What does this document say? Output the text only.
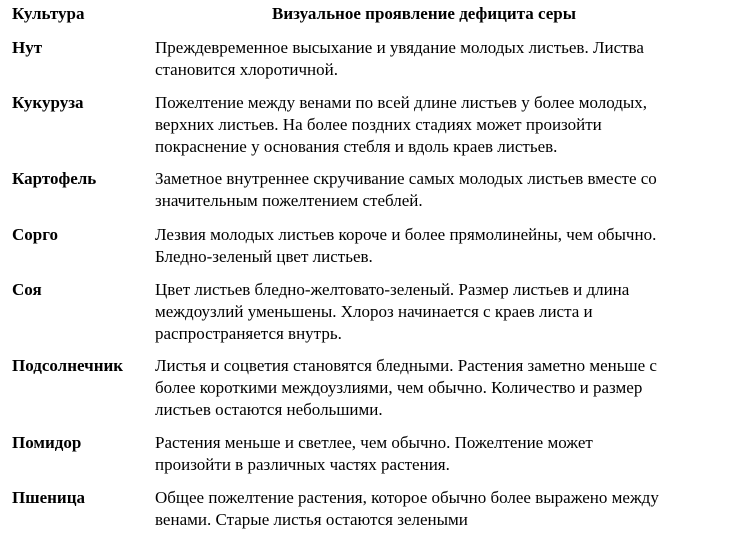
Культура	Визуальное проявление дефицита серы
Нут	Преждевременное высыхание и увядание молодых листьев. Листва
становится хлоротичной.
Кукуруза	Пожелтение между венами по всей длине листьев у более молодых,
верхних листьев. На более поздних стадиях может произойти
покраснение у основания стебля и вдоль краев листьев.
Картофель	Заметное внутреннее скручивание самых молодых листьев вместе со
значительным пожелтением стеблей.
Сорго	Лезвия молодых листьев короче и более прямолинейны, чем обычно.
Бледно-зеленый цвет листьев.
Соя	Цвет листьев бледно-желтовато-зеленый. Размер листьев и длина
междоузлий уменьшены. Хлороз начинается с краев листа и
распространяется внутрь.
Подсолнечник Листья и соцветия становятся бледными. Растения заметно меньше с
более короткими междоузлиями, чем обычно. Количество и размер
листьев остаются небольшими.
Помидор	Растения меньше и светлее, чем обычно. Пожелтение может
произойти в различных частях растения.
Пшеница	Общее пожелтение растения, которое обычно более выражено между
венами. Старые листья остаются зелеными
